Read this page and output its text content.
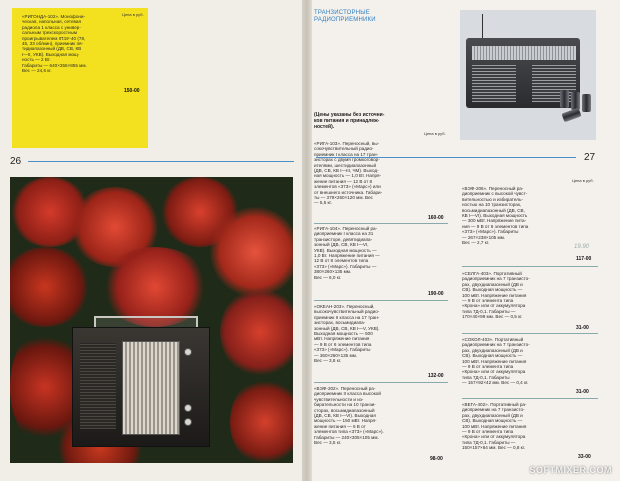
Цена в руб.
«РИГОНДА-102». Монофони-
ческая, напольная, сетевая
радиола 1 класса с универ-
сальным трехскоростным
проигрывателем IПЭУ-40 (78,
45, 33 об/мин), приемник пя-
тидиапазонный (ДВ, СВ, КВ
I—II, УКВ). Выходная мощ-
ность — 2 Вт.
Габариты — 640×355×855 мм.
Вес — 24,6 кг.
150-00
26
ТРАНЗИСТОРНЫЕ
РАДИОПРИЕМНИКИ
(Цены указаны без источни-
ков питания и принадлеж-
ностей).
Цена в руб.
Цена в руб.
27
«РИГА-103». Переносный, вы-
сокочувствительный радио-
приемник I класса на 17 тран-
зисторах с двумя громкоговор-
ителями, шестидиапазонный
(ДВ, СВ, КВ I—III, ЧМ). Выход-
ная мощность — 1,0 Вт. Напря-
жение питания — 12 В от 8
элементов «373» («Марс») или
от внешнего источника. Габари-
ты — 379×260×120 мм. Вес
— 5,5 кг.
160-00
«РИГА-104». Переносный ра-
диоприемник I класса на 31
транзисторе, девятидиапа-
зонный (ДВ, СВ, КВ I—VI,
УКВ). Выходная мощность —
1,0 Вт. Напряжение питания —
12 В от 8 элементов типа
«373» («Марс»). Габариты —
380×260×135 мм.
Вес — 6,0 кг.
190-00
«ОКЕАН-203». Переносный,
высокочувствительный радио-
приемник II класса на 17 тран-
зисторах, восьмидиапа-
зонный (ДВ, СВ, КВ I—V, УКВ).
Выходная мощность — 500
мВт. Напряжение питания
— 9 В от 6 элементов типа
«373» («Марс»). Габариты
— 360×260×135 мм.
Вес — 3,8 кг.
132-00
«ВЭФ-202». Переносный ра-
диоприемник II класса высокой
чувствительности и из-
бирательности на 10 транзи-
сторах, восьмидиапазонный
(ДВ, СВ, КВ I—VI). Выходная
мощность — 150 мВт. Напря-
жение питания — 6 В от
элементов типа «373» («Марс»).
Габариты — 240×305×105 мм.
Вес — 3,5 кг.
98-00
«ВЭФ-206». Переносный ра-
диоприемник с высокой чувст-
вительностью и избиратель-
ностью на 10 транзисторах,
восьмидиапазонный (ДВ, СВ,
КВ I—VI). Выходная мощность
— 300 мВт. Напряжение пита-
ния — 9 В от 6 элементов типа
«373» («Марс»). Габариты
— 267×238×105 мм.
Вес — 2,7 кг.
117-00
19.90
«СЕЛГА-403». Портативный
радиоприемник на 7 транзисто-
рах, двухдиапазонный (ДВ и
СВ). Выходная мощность —
100 мВт. Напряжение питания
— 9 В от элемента типа
«Крона» или от аккумулятора
типа 7Д-0,1. Габариты —
170×40×99 мм. Вес — 0,5 кг.
31-00
«СОКОЛ-403». Портативный
радиоприемник на 7 транзисто-
рах, двухдиапазонный (ДВ и
СВ). Выходная мощность —
100 мВт. Напряжение питания
— 9 В от элемента типа
«Крона» или от аккумулятора
типа 7Д-0,1. Габариты
— 157×92×42 мм. Вес — 0,4 кг.
31-00
«ВЕГА-402». Портативный ра-
диоприемник на 7 транзисто-
рах, двухдиапазонный (ДВ и
СВ). Выходная мощность —
100 мВт. Напряжение питания
— 9 В от элемента типа
«Крона» или от аккумулятора
типа 7Д-0,1. Габариты —
150×157×64 мм. Вес — 0,8 кг.
33-00
SOFTMIXER.COM
